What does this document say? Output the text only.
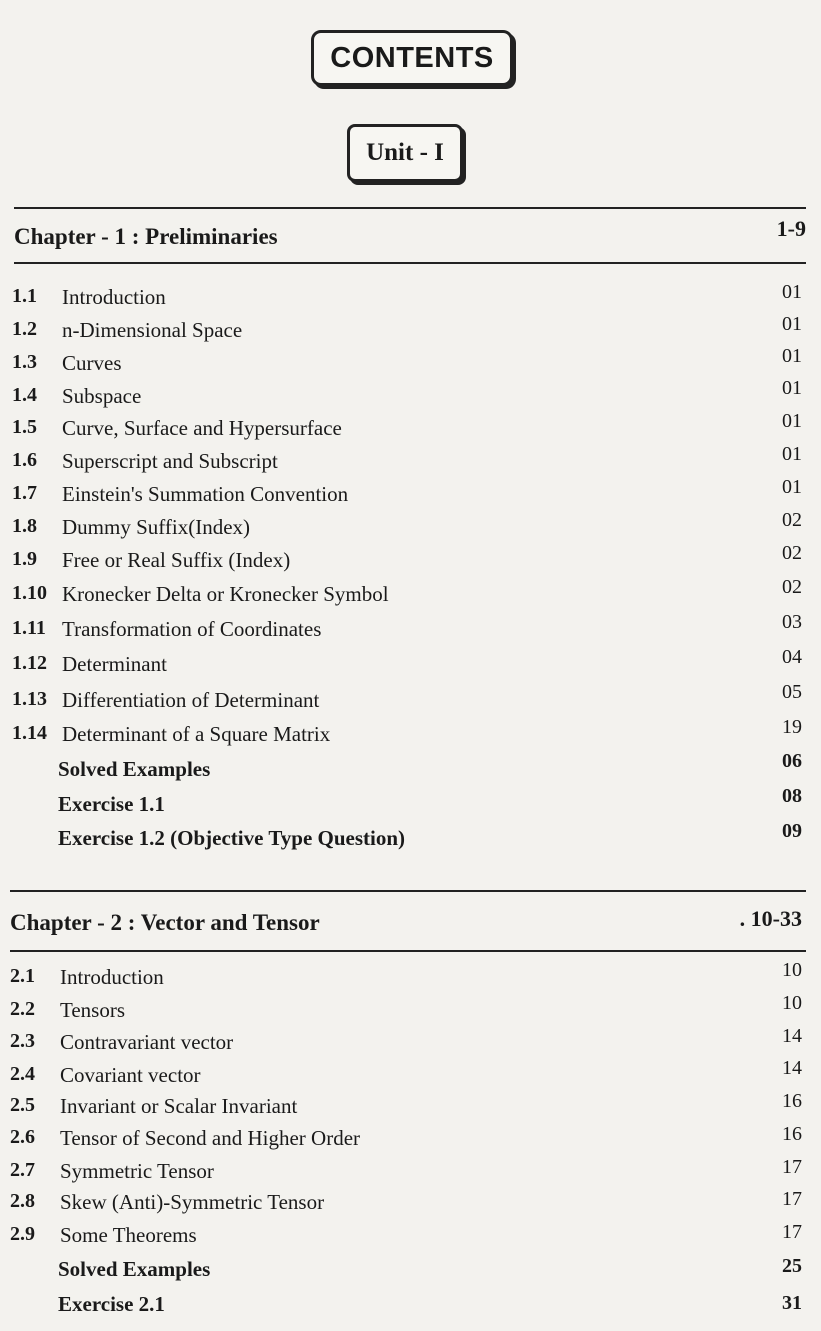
CONTENTS
Unit - I
Chapter - 1 : Preliminaries	1-9
1.1 Introduction	01
1.2 n-Dimensional Space	01
1.3 Curves	01
1.4 Subspace	01
1.5 Curve, Surface and Hypersurface	01
1.6 Superscript and Subscript	01
1.7 Einstein's Summation Convention	01
1.8 Dummy Suffix(Index)	02
1.9 Free or Real Suffix (Index)	02
1.10 Kronecker Delta or Kronecker Symbol	02
1.11 Transformation of Coordinates	03
1.12 Determinant	04
1.13 Differentiation of Determinant	05
1.14 Determinant of a Square Matrix	19
Solved Examples	06
Exercise 1.1	08
Exercise 1.2 (Objective Type Question)	09
Chapter - 2 : Vector and Tensor	. 10-33
2.1 Introduction	10
2.2 Tensors	10
2.3 Contravariant vector	14
2.4 Covariant vector	14
2.5 Invariant or Scalar Invariant	16
2.6 Tensor of Second and Higher Order	16
2.7 Symmetric Tensor	17
2.8 Skew (Anti)-Symmetric Tensor	17
2.9 Some Theorems	17
Solved Examples	25
Exercise 2.1	31
